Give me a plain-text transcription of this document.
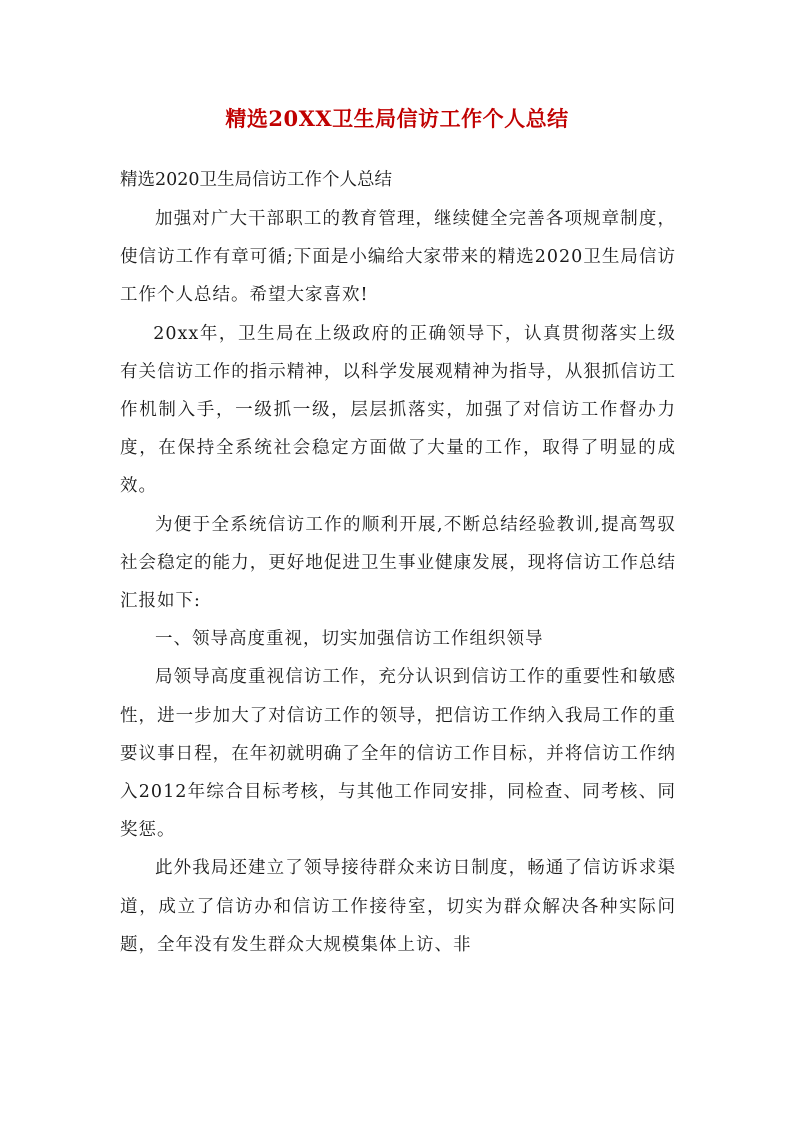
精选20XX卫生局信访工作个人总结
精选2020卫生局信访工作个人总结

加强对广大干部职工的教育管理，继续健全完善各项规章制度，使信访工作有章可循;下面是小编给大家带来的精选2020卫生局信访工作个人总结。希望大家喜欢!

20xx年，卫生局在上级政府的正确领导下，认真贯彻落实上级有关信访工作的指示精神，以科学发展观精神为指导，从狠抓信访工作机制入手，一级抓一级，层层抓落实，加强了对信访工作督办力度，在保持全系统社会稳定方面做了大量的工作，取得了明显的成效。

为便于全系统信访工作的顺利开展,不断总结经验教训,提高驾驭社会稳定的能力，更好地促进卫生事业健康发展，现将信访工作总结汇报如下:

一、领导高度重视，切实加强信访工作组织领导

局领导高度重视信访工作，充分认识到信访工作的重要性和敏感性，进一步加大了对信访工作的领导，把信访工作纳入我局工作的重要议事日程，在年初就明确了全年的信访工作目标，并将信访工作纳入2012年综合目标考核，与其他工作同安排，同检查、同考核、同奖惩。

此外我局还建立了领导接待群众来访日制度，畅通了信访诉求渠道，成立了信访办和信访工作接待室，切实为群众解决各种实际问题，全年没有发生群众大规模集体上访、非
